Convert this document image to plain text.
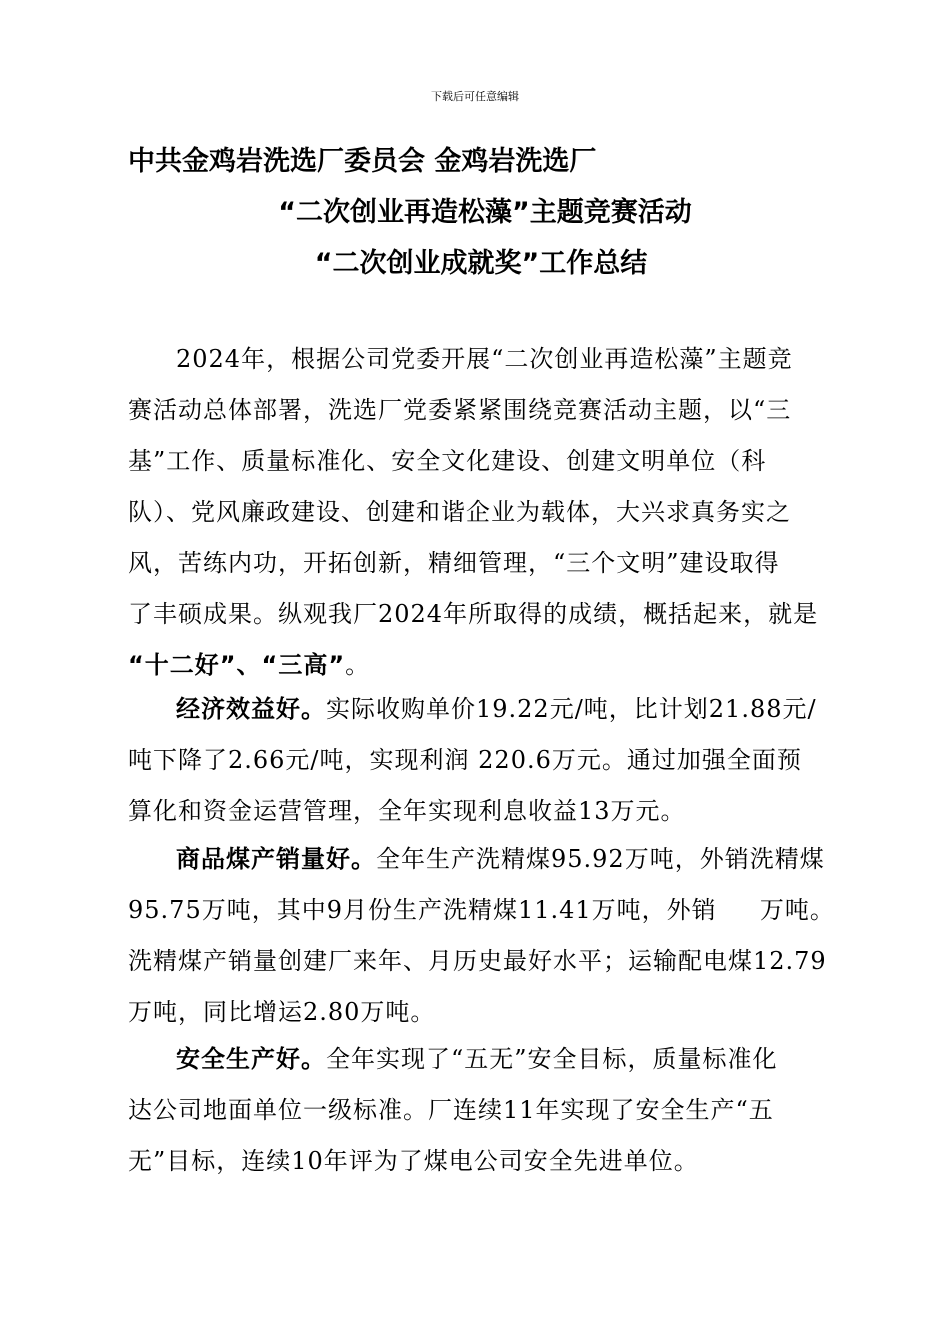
下载后可任意编辑
中共金鸡岩洗选厂委员会 金鸡岩洗选厂
“二次创业再造松藻”主题竞赛活动
“二次创业成就奖”工作总结
2024年，根据公司党委开展“二次创业再造松藻”主题竞
赛活动总体部署，洗选厂党委紧紧围绕竞赛活动主题，以“三
基”工作、质量标准化、安全文化建设、创建文明单位（科
队）、党风廉政建设、创建和谐企业为载体，大兴求真务实之
风，苦练内功，开拓创新，精细管理，“三个文明”建设取得
了丰硕成果。纵观我厂2024年所取得的成绩，概括起来，就是
“十二好”、“三高”。
经济效益好。实际收购单价19.22元/吨，比计划21.88元/
吨下降了2.66元/吨，实现利润 220.6万元。通过加强全面预
算化和资金运营管理，全年实现利息收益13万元。
商品煤产销量好。全年生产洗精煤95.92万吨，外销洗精煤
95.75万吨，其中9月份生产洗精煤11.41万吨，外销     万吨。
洗精煤产销量创建厂来年、月历史最好水平；运输配电煤12.79
万吨，同比增运2.80万吨。
安全生产好。全年实现了“五无”安全目标，质量标准化
达公司地面单位一级标准。厂连续11年实现了安全生产“五
无”目标，连续10年评为了煤电公司安全先进单位。
